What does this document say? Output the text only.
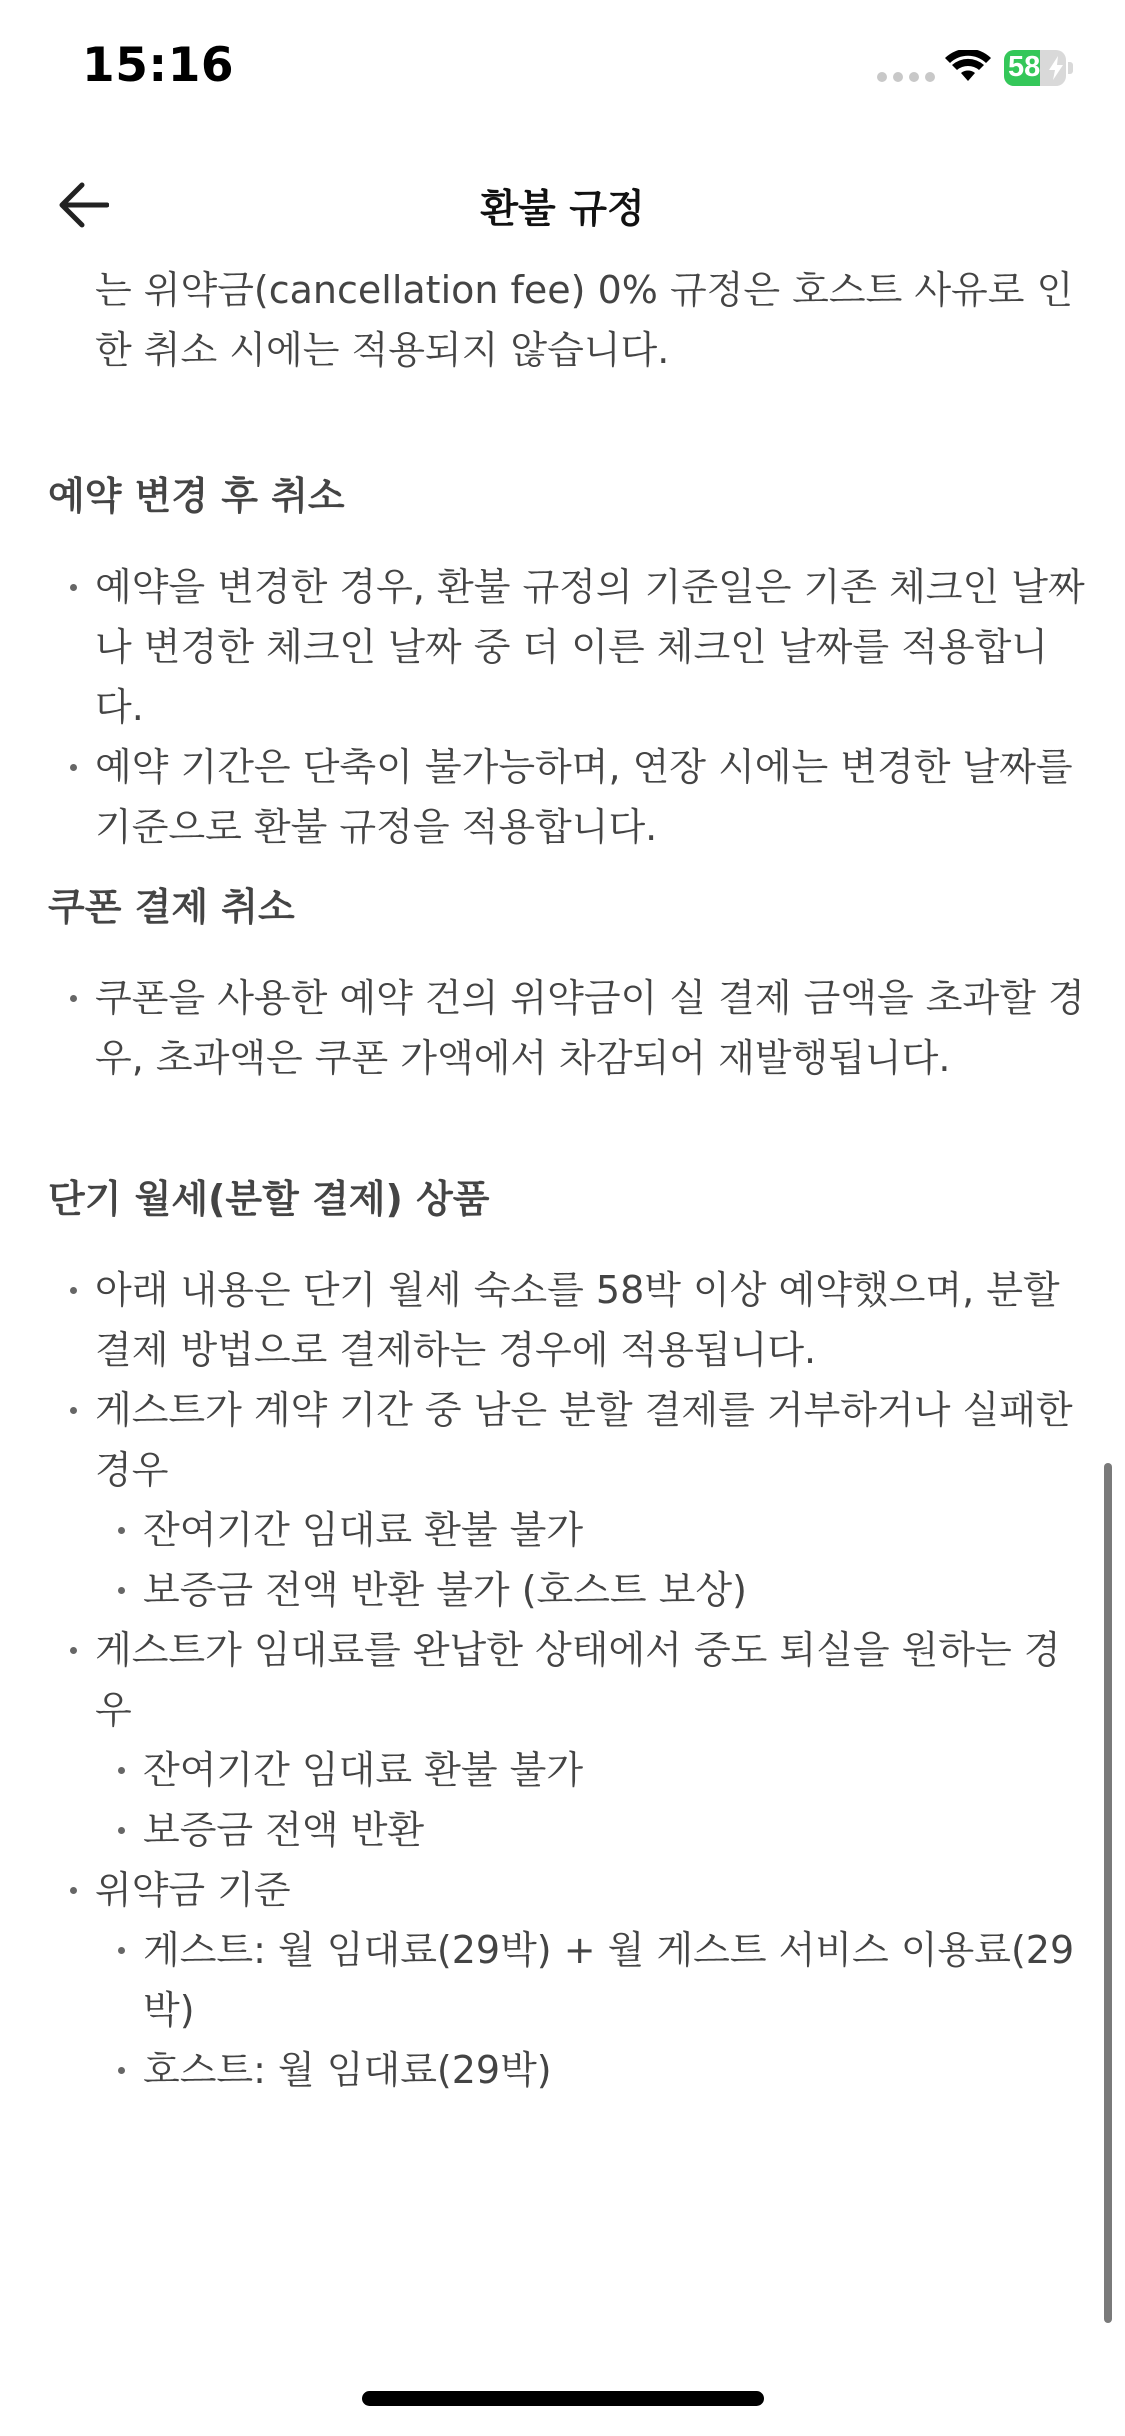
15:16	58
환불 규정

는 위약금(cancellation fee) 0% 규정은 호스트 사유로 인한 취소 시에는 적용되지 않습니다.

예약 변경 후 취소
예약을 변경한 경우, 환불 규정의 기준일은 기존 체크인 날짜나 변경한 체크인 날짜 중 더 이른 체크인 날짜를 적용합니다.
예약 기간은 단축이 불가능하며, 연장 시에는 변경한 날짜를 기준으로 환불 규정을 적용합니다.
쿠폰 결제 취소
쿠폰을 사용한 예약 건의 위약금이 실 결제 금액을 초과할 경우, 초과액은 쿠폰 가액에서 차감되어 재발행됩니다.
단기 월세(분할 결제) 상품
아래 내용은 단기 월세 숙소를 58박 이상 예약했으며, 분할 결제 방법으로 결제하는 경우에 적용됩니다.
게스트가 계약 기간 중 남은 분할 결제를 거부하거나 실패한 경우
잔여기간 임대료 환불 불가
보증금 전액 반환 불가 (호스트 보상)
게스트가 임대료를 완납한 상태에서 중도 퇴실을 원하는 경우
잔여기간 임대료 환불 불가
보증금 전액 반환
위약금 기준
게스트: 월 임대료(29박) + 월 게스트 서비스 이용료(29박)
호스트: 월 임대료(29박)
